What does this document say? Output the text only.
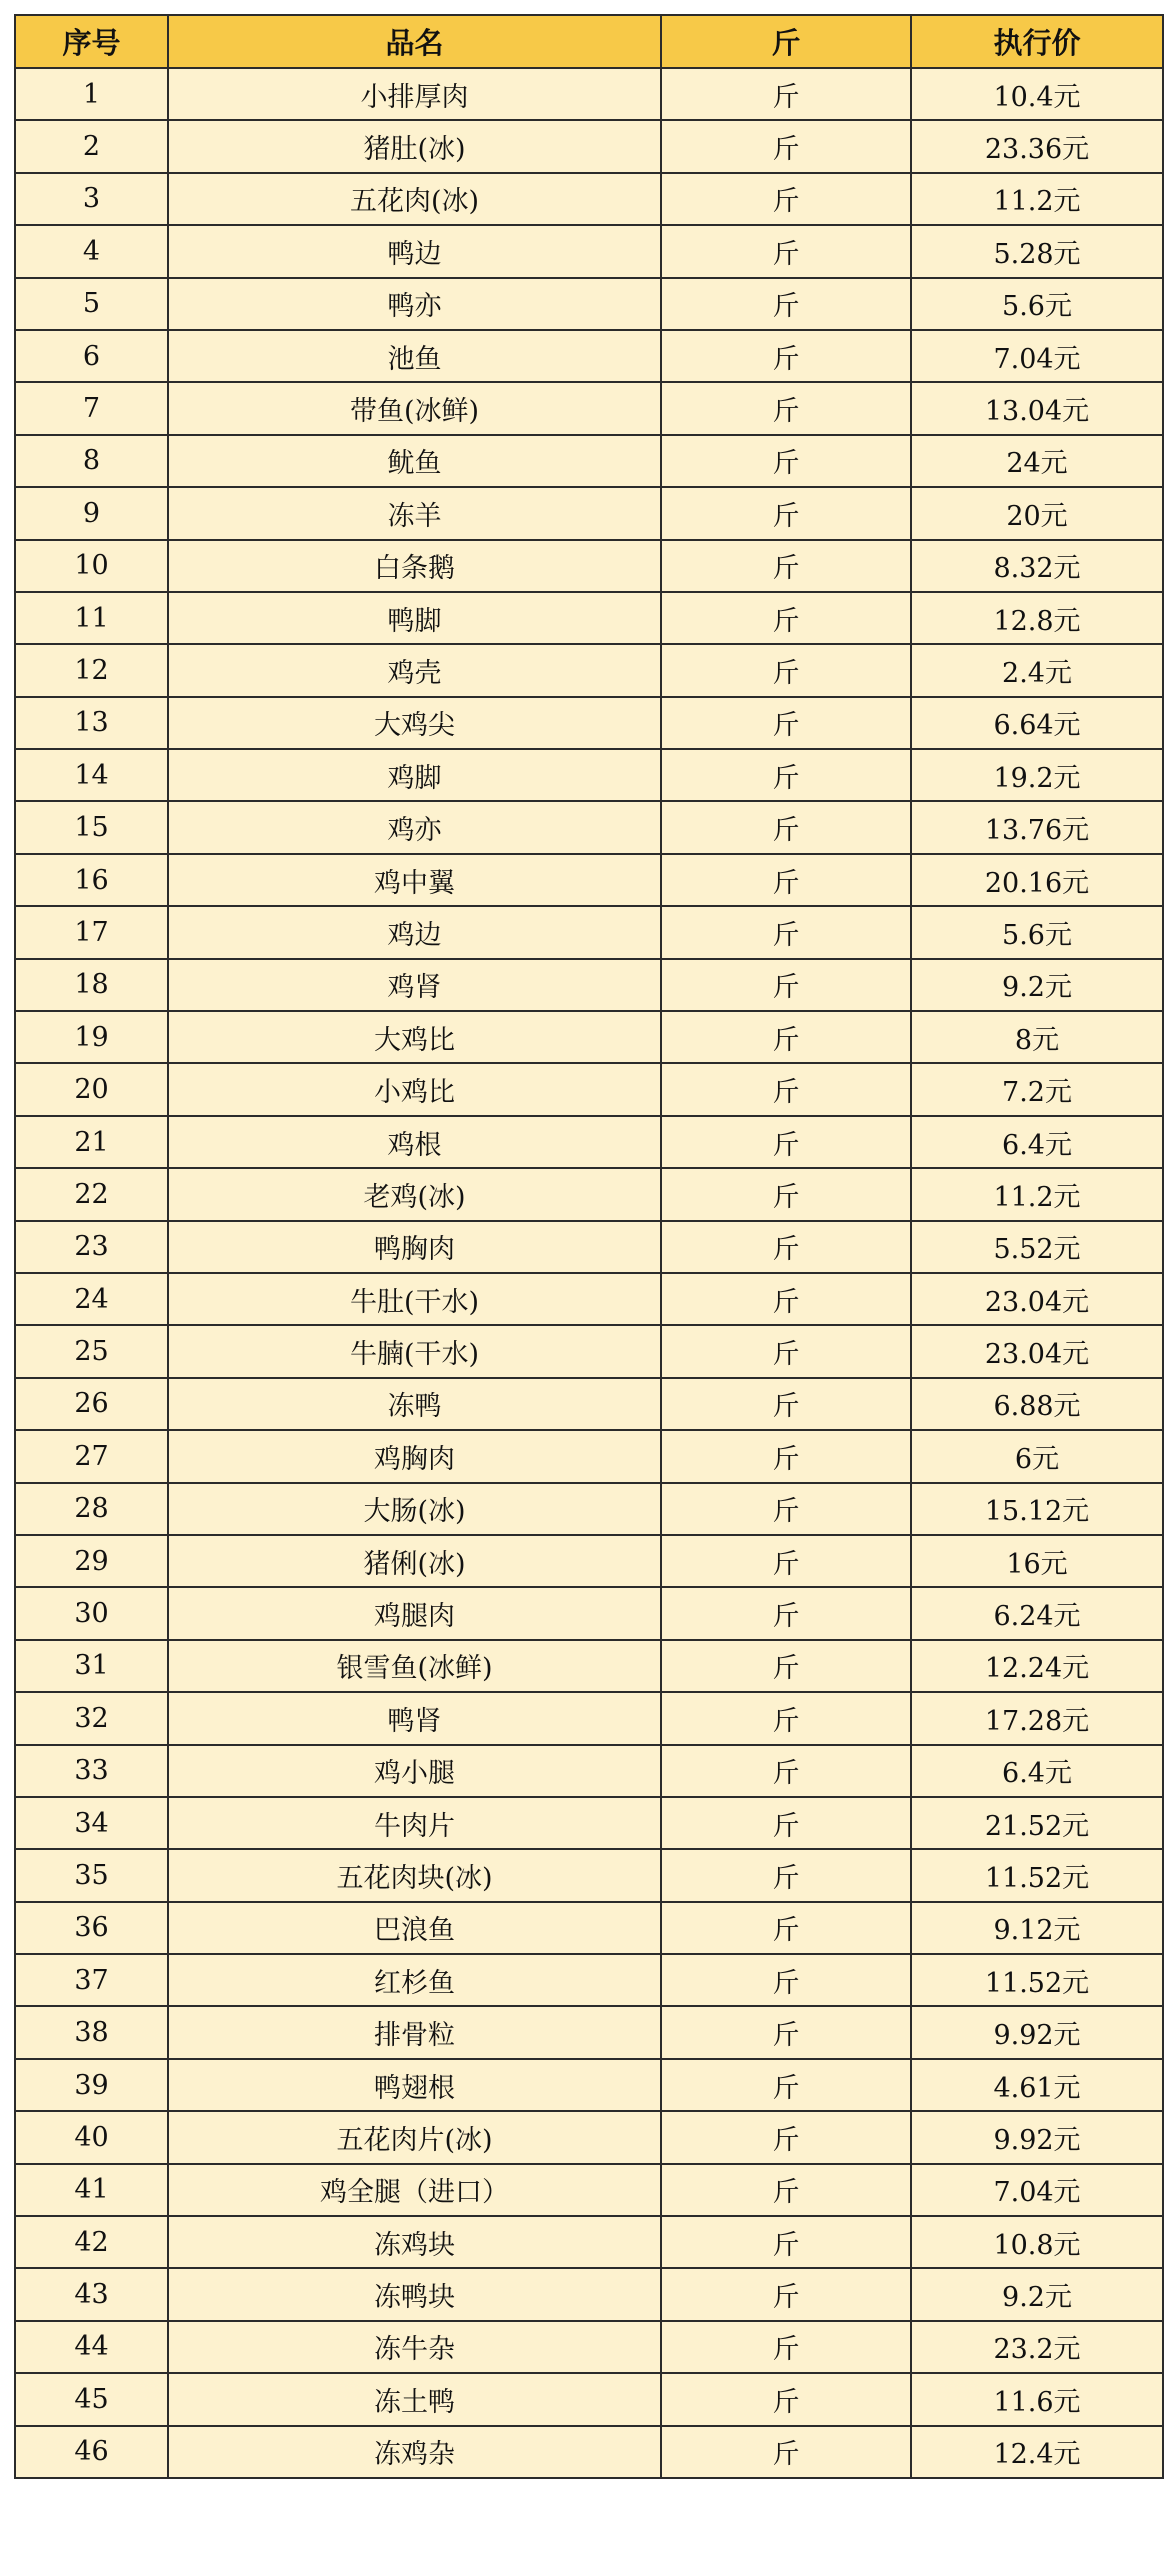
序号	品名	斤	执行价
1	小排厚肉	斤	10.4元
2	猪肚(冰)	斤	23.36元
3	五花肉(冰)	斤	11.2元
4	鸭边	斤	5.28元
5	鸭亦	斤	5.6元
6	池鱼	斤	7.04元
7	带鱼(冰鲜)	斤	13.04元
8	鱿鱼	斤	24元
9	冻羊	斤	20元
10	白条鹅	斤	8.32元
11	鸭脚	斤	12.8元
12	鸡壳	斤	2.4元
13	大鸡尖	斤	6.64元
14	鸡脚	斤	19.2元
15	鸡亦	斤	13.76元
16	鸡中翼	斤	20.16元
17	鸡边	斤	5.6元
18	鸡肾	斤	9.2元
19	大鸡比	斤	8元
20	小鸡比	斤	7.2元
21	鸡根	斤	6.4元
22	老鸡(冰)	斤	11.2元
23	鸭胸肉	斤	5.52元
24	牛肚(干水)	斤	23.04元
25	牛腩(干水)	斤	23.04元
26	冻鸭	斤	6.88元
27	鸡胸肉	斤	6元
28	大肠(冰)	斤	15.12元
29	猪俐(冰)	斤	16元
30	鸡腿肉	斤	6.24元
31	银雪鱼(冰鲜)	斤	12.24元
32	鸭肾	斤	17.28元
33	鸡小腿	斤	6.4元
34	牛肉片	斤	21.52元
35	五花肉块(冰)	斤	11.52元
36	巴浪鱼	斤	9.12元
37	红杉鱼	斤	11.52元
38	排骨粒	斤	9.92元
39	鸭翅根	斤	4.61元
40	五花肉片(冰)	斤	9.92元
41	鸡全腿（进口）	斤	7.04元
42	冻鸡块	斤	10.8元
43	冻鸭块	斤	9.2元
44	冻牛杂	斤	23.2元
45	冻土鸭	斤	11.6元
46	冻鸡杂	斤	12.4元
